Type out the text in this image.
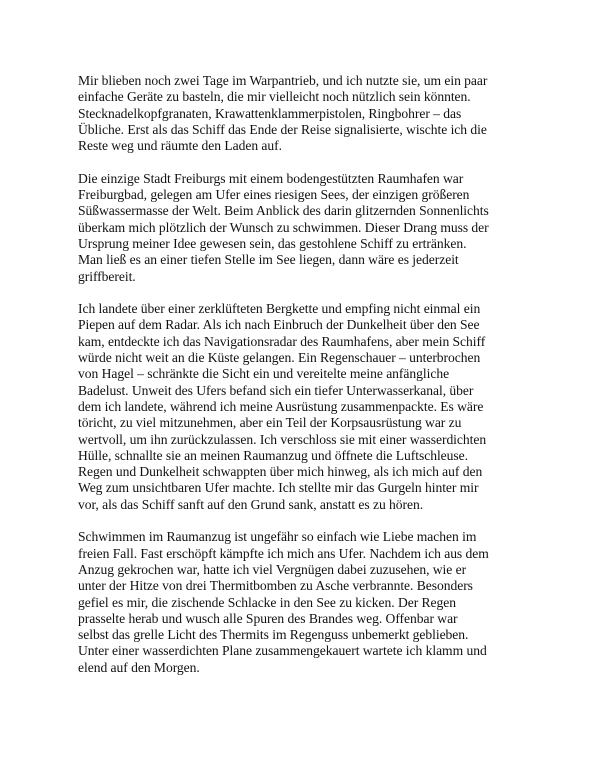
Mir blieben noch zwei Tage im Warpantrieb, und ich nutzte sie, um ein paar
einfache Geräte zu basteln, die mir vielleicht noch nützlich sein könnten.
Stecknadelkopfgranaten, Krawattenklammerpistolen, Ringbohrer – das
Übliche. Erst als das Schiff das Ende der Reise signalisierte, wischte ich die
Reste weg und räumte den Laden auf.

Die einzige Stadt Freiburgs mit einem bodengestützten Raumhafen war
Freiburgbad, gelegen am Ufer eines riesigen Sees, der einzigen größeren
Süßwassermasse der Welt. Beim Anblick des darin glitzernden Sonnenlichts
überkam mich plötzlich der Wunsch zu schwimmen. Dieser Drang muss der
Ursprung meiner Idee gewesen sein, das gestohlene Schiff zu ertränken.
Man ließ es an einer tiefen Stelle im See liegen, dann wäre es jederzeit
griffbereit.

Ich landete über einer zerklüfteten Bergkette und empfing nicht einmal ein
Piepen auf dem Radar. Als ich nach Einbruch der Dunkelheit über den See
kam, entdeckte ich das Navigationsradar des Raumhafens, aber mein Schiff
würde nicht weit an die Küste gelangen. Ein Regenschauer – unterbrochen
von Hagel – schränkte die Sicht ein und vereitelte meine anfängliche
Badelust. Unweit des Ufers befand sich ein tiefer Unterwasserkanal, über
dem ich landete, während ich meine Ausrüstung zusammenpackte. Es wäre
töricht, zu viel mitzunehmen, aber ein Teil der Korpsausrüstung war zu
wertvoll, um ihn zurückzulassen. Ich verschloss sie mit einer wasserdichten
Hülle, schnallte sie an meinen Raumanzug und öffnete die Luftschleuse.
Regen und Dunkelheit schwappten über mich hinweg, als ich mich auf den
Weg zum unsichtbaren Ufer machte. Ich stellte mir das Gurgeln hinter mir
vor, als das Schiff sanft auf den Grund sank, anstatt es zu hören.

Schwimmen im Raumanzug ist ungefähr so einfach wie Liebe machen im
freien Fall. Fast erschöpft kämpfte ich mich ans Ufer. Nachdem ich aus dem
Anzug gekrochen war, hatte ich viel Vergnügen dabei zuzusehen, wie er
unter der Hitze von drei Thermitbomben zu Asche verbrannte. Besonders
gefiel es mir, die zischende Schlacke in den See zu kicken. Der Regen
prasselte herab und wusch alle Spuren des Brandes weg. Offenbar war
selbst das grelle Licht des Thermits im Regenguss unbemerkt geblieben.
Unter einer wasserdichten Plane zusammengekauert wartete ich klamm und
elend auf den Morgen.
